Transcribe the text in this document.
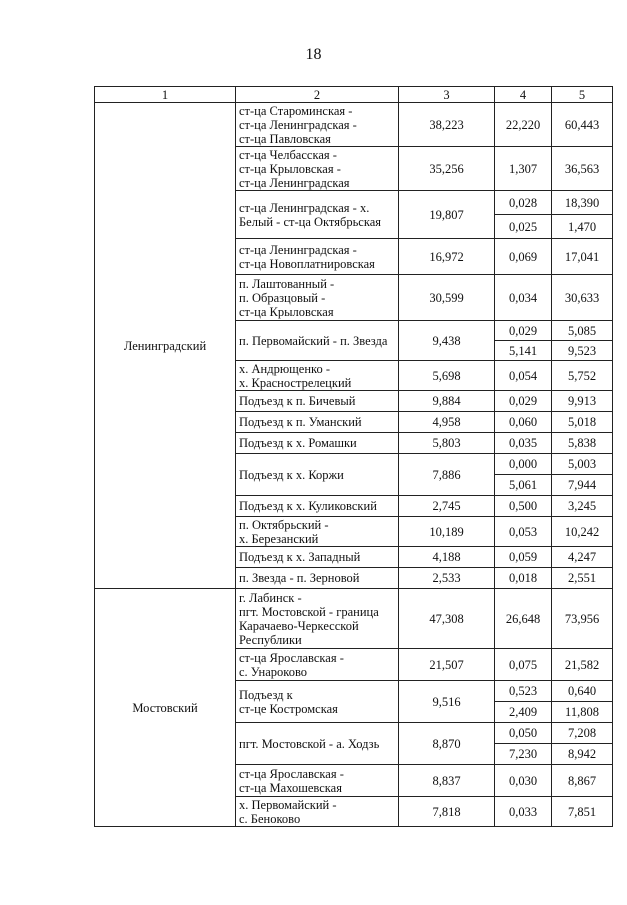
18
1	2	3	4	5
Ленинградский	ст-ца Староминская -
ст-ца Ленинградская -
ст-ца Павловская	38,223	22,220	60,443
	ст-ца Челбасская -
ст-ца Крыловская -
ст-ца Ленинградская	35,256	1,307	36,563
	ст-ца Ленинградская - х.
Белый - ст-ца Октябрьская	19,807	0,028	18,390
			0,025	1,470
	ст-ца Ленинградская -
ст-ца Новоплатнировская	16,972	0,069	17,041
	п. Лаштованный -
п. Образцовый -
ст-ца Крыловская	30,599	0,034	30,633
	п. Первомайский - п. Звезда	9,438	0,029	5,085
			5,141	9,523
	х. Андрющенко -
х. Краснострелецкий	5,698	0,054	5,752
	Подъезд к п. Бичевый	9,884	0,029	9,913
	Подъезд к п. Уманский	4,958	0,060	5,018
	Подъезд к х. Ромашки	5,803	0,035	5,838
	Подъезд к х. Коржи	7,886	0,000	5,003
			5,061	7,944
	Подъезд к х. Куликовский	2,745	0,500	3,245
	п. Октябрьский -
х. Березанский	10,189	0,053	10,242
	Подъезд к х. Западный	4,188	0,059	4,247
	п. Звезда - п. Зерновой	2,533	0,018	2,551
Мостовский	г. Лабинск -
пгт. Мостовской - граница
Карачаево-Черкесской
Республики	47,308	26,648	73,956
	ст-ца Ярославская -
с. Унароково	21,507	0,075	21,582
	Подъезд к
ст-це Костромская	9,516	0,523	0,640
			2,409	11,808
	пгт. Мостовской - а. Ходзь	8,870	0,050	7,208
			7,230	8,942
	ст-ца Ярославская -
ст-ца Махошевская	8,837	0,030	8,867
	х. Первомайский -
с. Беноково	7,818	0,033	7,851
